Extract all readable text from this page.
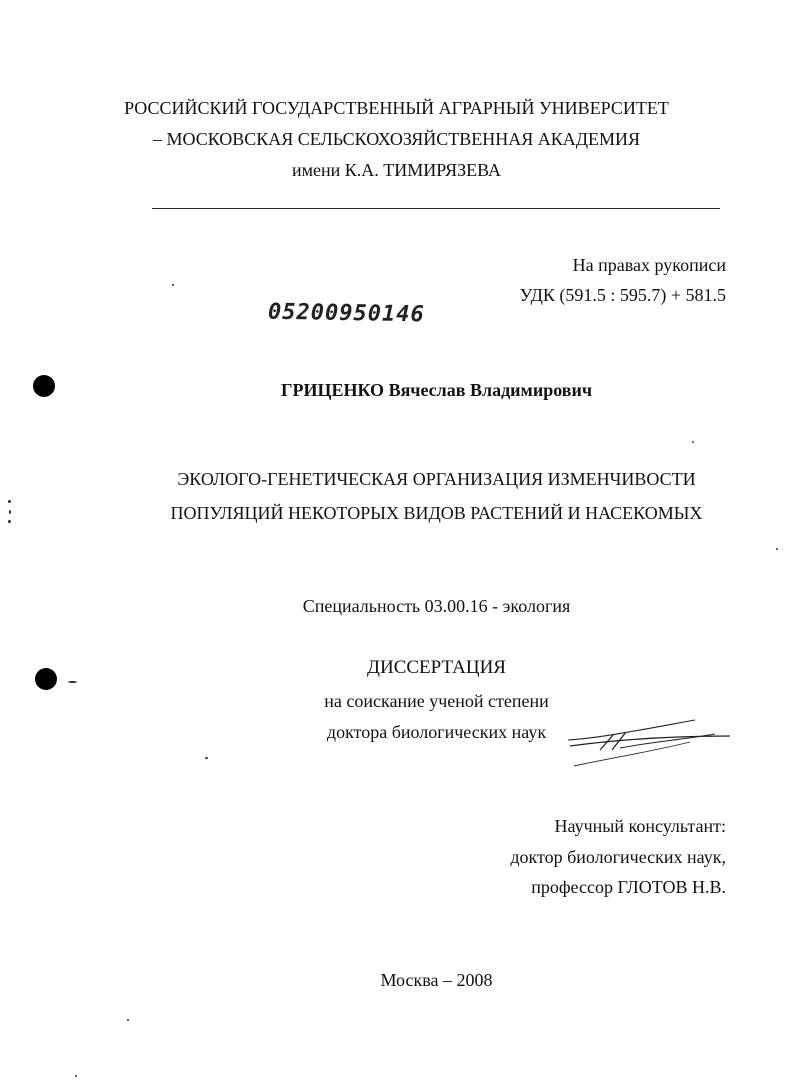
РОССИЙСКИЙ ГОСУДАРСТВЕННЫЙ АГРАРНЫЙ УНИВЕРСИТЕТ
– МОСКОВСКАЯ СЕЛЬСКОХОЗЯЙСТВЕННАЯ АКАДЕМИЯ
имени К.А. ТИМИРЯЗЕВА
На правах рукописи
УДК (591.5 : 595.7) + 581.5
05200950146
ГРИЦЕНКО Вячеслав Владимирович
ЭКОЛОГО-ГЕНЕТИЧЕСКАЯ ОРГАНИЗАЦИЯ ИЗМЕНЧИВОСТИ
ПОПУЛЯЦИЙ НЕКОТОРЫХ ВИДОВ РАСТЕНИЙ И НАСЕКОМЫХ
Специальность 03.00.16 - экология
ДИССЕРТАЦИЯ
на соискание ученой степени
доктора биологических наук
Научный консультант:
доктор биологических наук,
профессор ГЛОТОВ Н.В.
Москва – 2008
